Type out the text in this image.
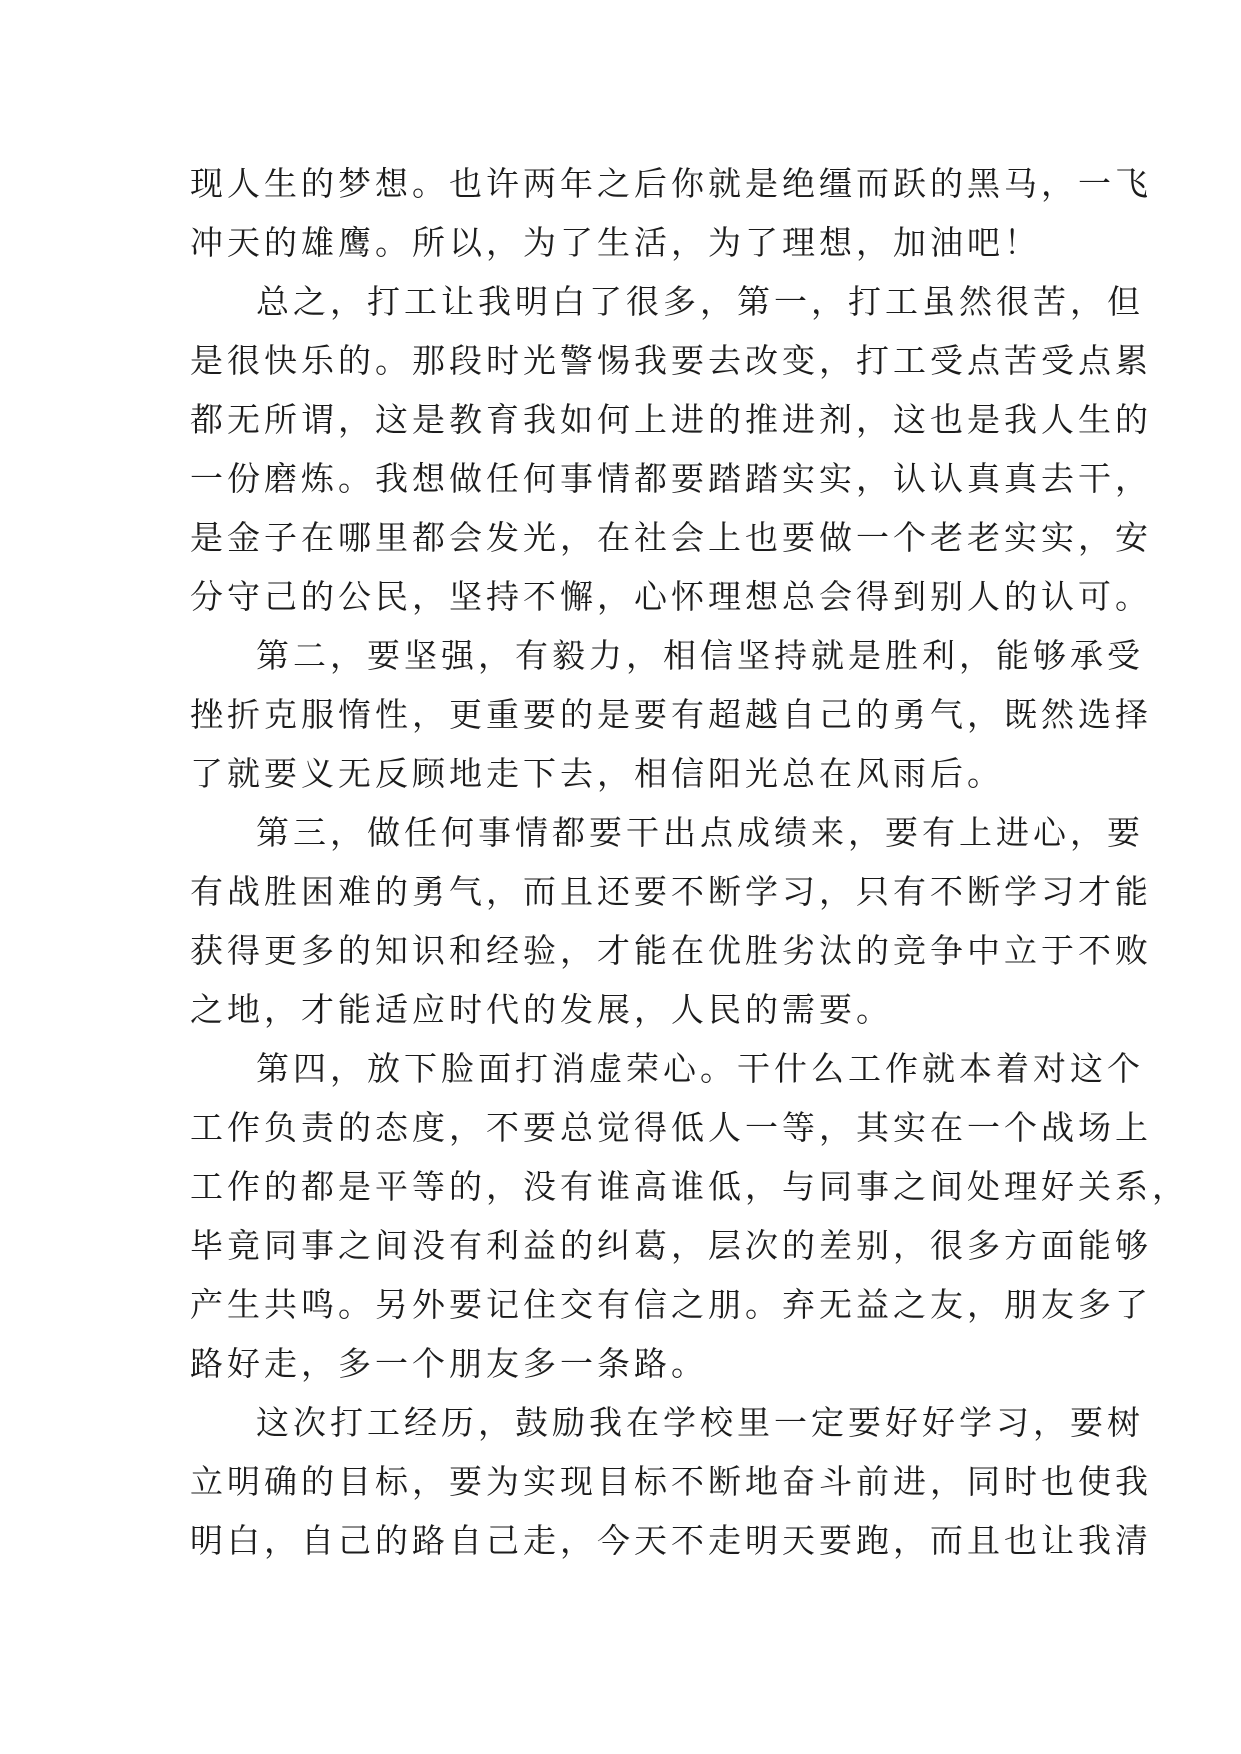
现人生的梦想。也许两年之后你就是绝缰而跃的黑马，一飞
冲天的雄鹰。所以，为了生活，为了理想，加油吧！
总之，打工让我明白了很多，第一，打工虽然很苦，但
是很快乐的。那段时光警惕我要去改变，打工受点苦受点累
都无所谓，这是教育我如何上进的推进剂，这也是我人生的
一份磨炼。我想做任何事情都要踏踏实实，认认真真去干，
是金子在哪里都会发光，在社会上也要做一个老老实实，安
分守己的公民，坚持不懈，心怀理想总会得到别人的认可。
第二，要坚强，有毅力，相信坚持就是胜利，能够承受
挫折克服惰性，更重要的是要有超越自己的勇气，既然选择
了就要义无反顾地走下去，相信阳光总在风雨后。
第三，做任何事情都要干出点成绩来，要有上进心，要
有战胜困难的勇气，而且还要不断学习，只有不断学习才能
获得更多的知识和经验，才能在优胜劣汰的竞争中立于不败
之地，才能适应时代的发展，人民的需要。
第四，放下脸面打消虚荣心。干什么工作就本着对这个
工作负责的态度，不要总觉得低人一等，其实在一个战场上
工作的都是平等的，没有谁高谁低，与同事之间处理好关系，
毕竟同事之间没有利益的纠葛，层次的差别，很多方面能够
产生共鸣。另外要记住交有信之朋。弃无益之友，朋友多了
路好走，多一个朋友多一条路。
这次打工经历，鼓励我在学校里一定要好好学习，要树
立明确的目标，要为实现目标不断地奋斗前进，同时也使我
明白，自己的路自己走，今天不走明天要跑，而且也让我清
